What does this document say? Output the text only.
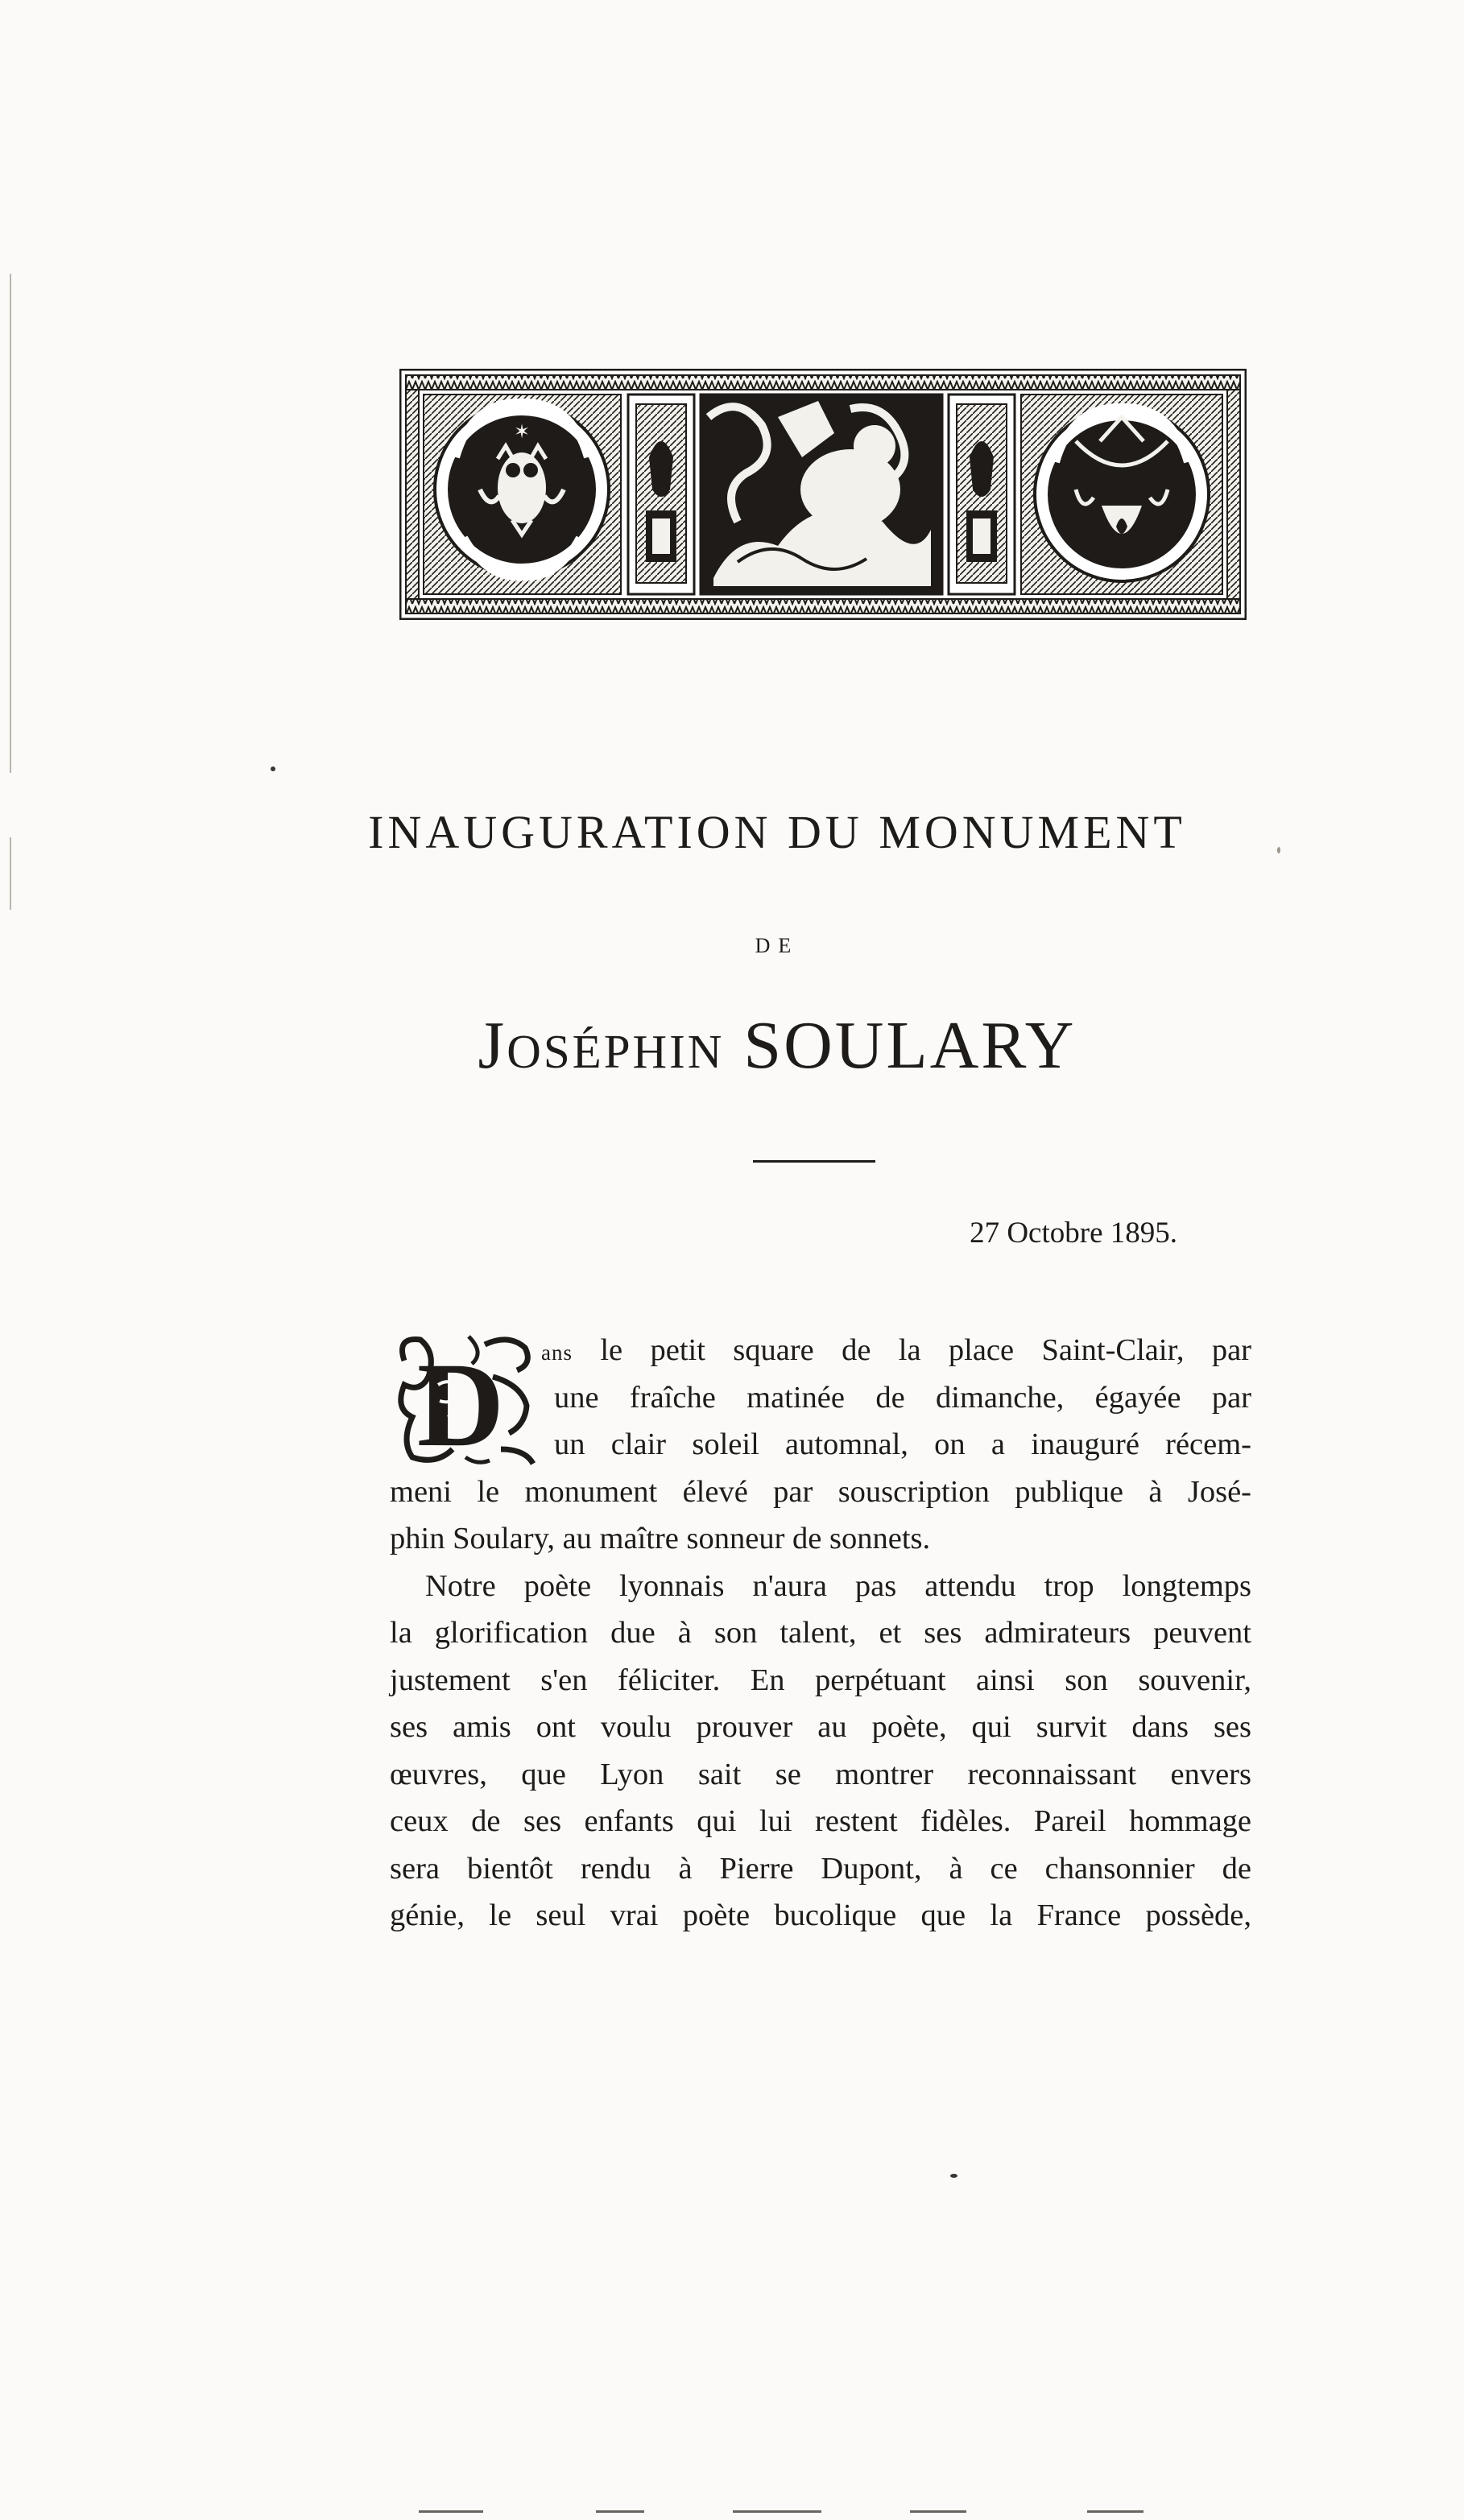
✶
INAUGURATION DU MONUMENT
DE
Joséphin SOULARY
27 Octobre 1895.
D	ans le petit square de la place Saint-Clair, par
une fraîche matinée de dimanche, égayée par
un clair soleil automnal, on a inauguré récem-
meni le monument élevé par souscription publique à José-
phin Soulary, au maître sonneur de sonnets.
Notre poète lyonnais n'aura pas attendu trop longtemps
la glorification due à son talent, et ses admirateurs peuvent
justement s'en féliciter. En perpétuant ainsi son souvenir,
ses amis ont voulu prouver au poète, qui survit dans ses
œuvres, que Lyon sait se montrer reconnaissant envers
ceux de ses enfants qui lui restent fidèles. Pareil hommage
sera bientôt rendu à Pierre Dupont, à ce chansonnier de
génie, le seul vrai poète bucolique que la France possède,
